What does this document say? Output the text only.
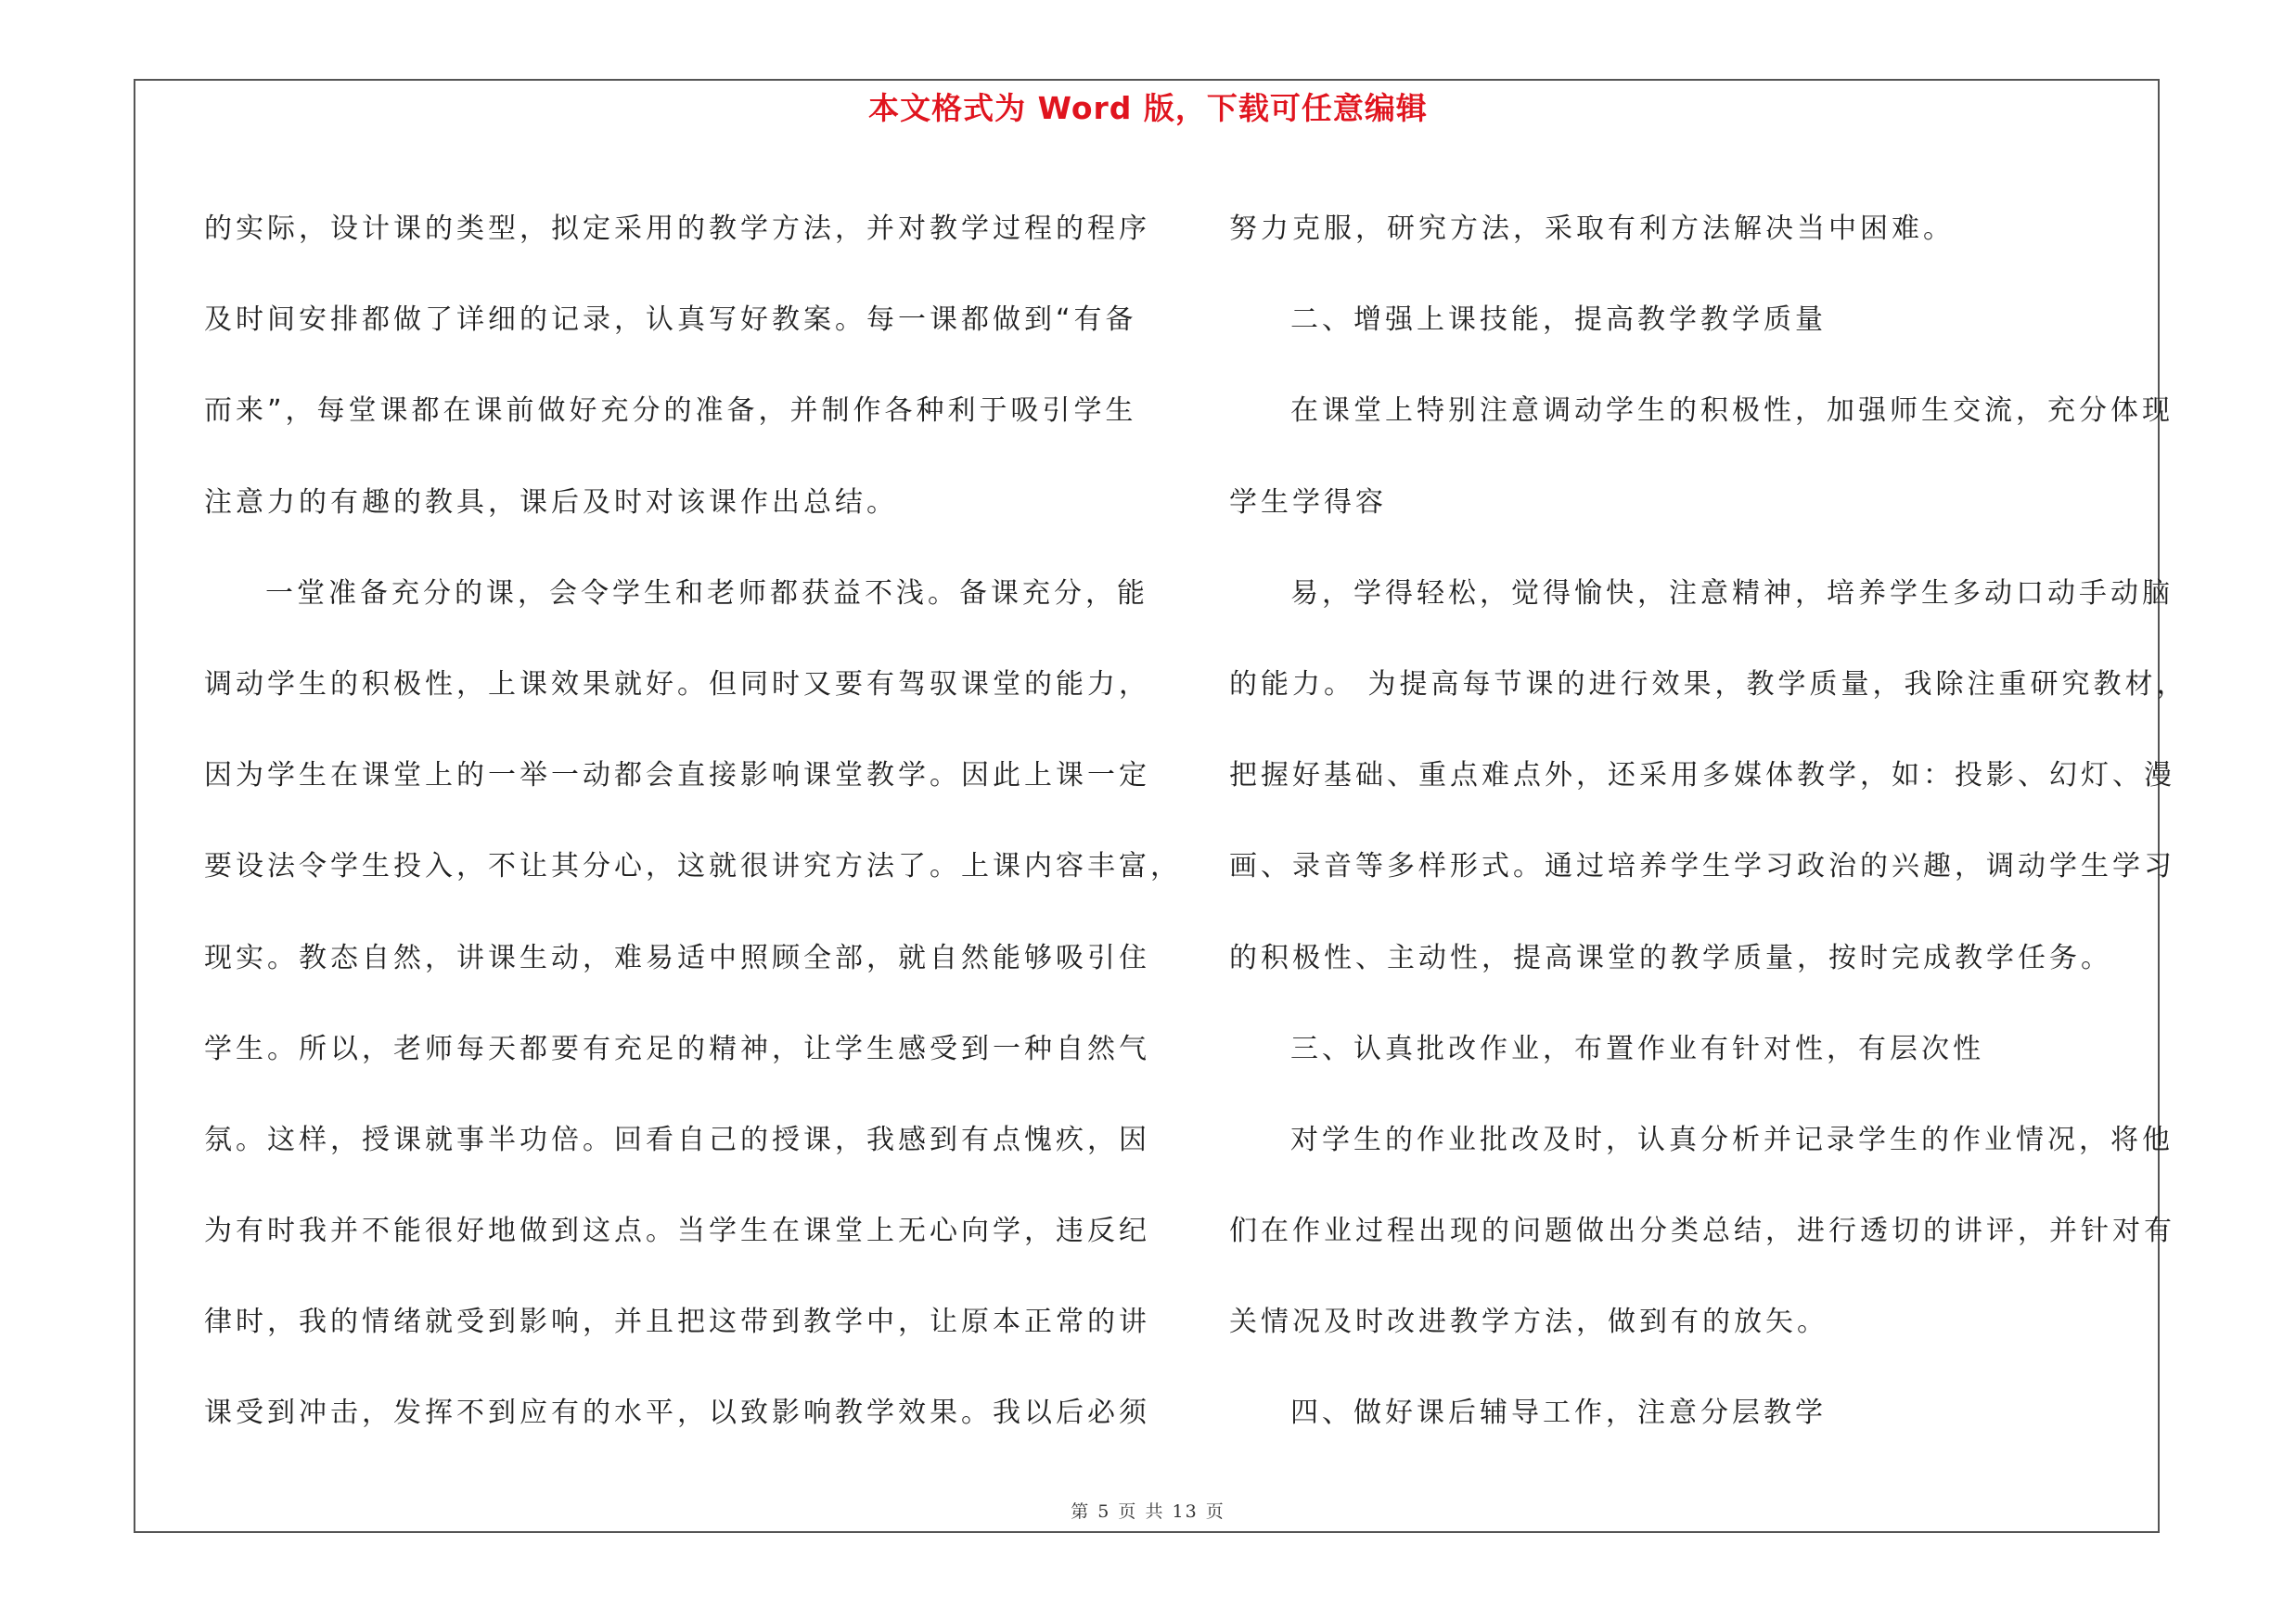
本文格式为 Word 版，下载可任意编辑
的实际，设计课的类型，拟定采用的教学方法，并对教学过程的程序
及时间安排都做了详细的记录，认真写好教案。每一课都做到“有备
而来”，每堂课都在课前做好充分的准备，并制作各种利于吸引学生
注意力的有趣的教具，课后及时对该课作出总结。
一堂准备充分的课，会令学生和老师都获益不浅。备课充分，能
调动学生的积极性，上课效果就好。但同时又要有驾驭课堂的能力，
因为学生在课堂上的一举一动都会直接影响课堂教学。因此上课一定
要设法令学生投入，不让其分心，这就很讲究方法了。上课内容丰富，
现实。教态自然，讲课生动，难易适中照顾全部，就自然能够吸引住
学生。所以，老师每天都要有充足的精神，让学生感受到一种自然气
氛。这样，授课就事半功倍。回看自己的授课，我感到有点愧疚，因
为有时我并不能很好地做到这点。当学生在课堂上无心向学，违反纪
律时，我的情绪就受到影响，并且把这带到教学中，让原本正常的讲
课受到冲击，发挥不到应有的水平，以致影响教学效果。我以后必须
努力克服，研究方法，采取有利方法解决当中困难。
二、增强上课技能，提高教学教学质量
在课堂上特别注意调动学生的积极性，加强师生交流，充分体现
学生学得容
易，学得轻松，觉得愉快，注意精神，培养学生多动口动手动脑
的能力。 为提高每节课的进行效果，教学质量，我除注重研究教材，
把握好基础、重点难点外，还采用多媒体教学，如：投影、幻灯、漫
画、录音等多样形式。通过培养学生学习政治的兴趣，调动学生学习
的积极性、主动性，提高课堂的教学质量，按时完成教学任务。
三、认真批改作业，布置作业有针对性，有层次性
对学生的作业批改及时，认真分析并记录学生的作业情况，将他
们在作业过程出现的问题做出分类总结，进行透切的讲评，并针对有
关情况及时改进教学方法，做到有的放矢。
四、做好课后辅导工作，注意分层教学
第 5 页 共 13 页
